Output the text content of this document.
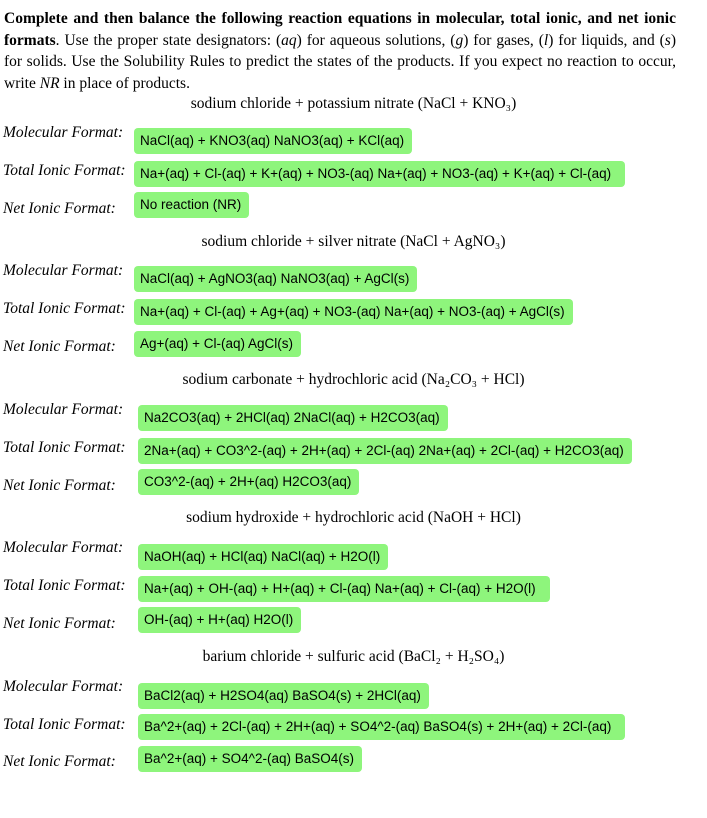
Complete and then balance the following reaction equations in molecular, total ionic, and net ionic formats. Use the proper state designators: (aq) for aqueous solutions, (g) for gases, (l) for liquids, and (s) for solids. Use the Solubility Rules to predict the states of the products. If you expect no reaction to occur, write NR in place of products.
sodium chloride + potassium nitrate (NaCl + KNO₃)
Molecular Format:	NaCl(aq) + KNO3(aq) NaNO3(aq) + KCl(aq)
Total Ionic Format:	Na+(aq) + Cl-(aq) + K+(aq) + NO3-(aq) Na+(aq) + NO3-(aq) + K+(aq) + Cl-(aq)
Net Ionic Format:	No reaction (NR)
sodium chloride + silver nitrate (NaCl + AgNO₃)
Molecular Format:	NaCl(aq) + AgNO3(aq) NaNO3(aq) + AgCl(s)
Total Ionic Format:	Na+(aq) + Cl-(aq) + Ag+(aq) + NO3-(aq) Na+(aq) + NO3-(aq) + AgCl(s)
Net Ionic Format:	Ag+(aq) + Cl-(aq) AgCl(s)
sodium carbonate + hydrochloric acid (Na₂CO₃ + HCl)
Molecular Format:	Na2CO3(aq) + 2HCl(aq) 2NaCl(aq) + H2CO3(aq)
Total Ionic Format:	2Na+(aq) + CO3^2-(aq) + 2H+(aq) + 2Cl-(aq) 2Na+(aq) + 2Cl-(aq) + H2CO3(aq)
Net Ionic Format:	CO3^2-(aq) + 2H+(aq) H2CO3(aq)
sodium hydroxide + hydrochloric acid (NaOH + HCl)
Molecular Format:
NaOH(aq) + HCl(aq) NaCl(aq) + H2O(l)
Total Ionic Format:	Na+(aq) + OH-(aq) + H+(aq) + Cl-(aq) Na+(aq) + Cl-(aq) + H2O(l)
Net Ionic Format:	OH-(aq) + H+(aq) H2O(l)
barium chloride + sulfuric acid (BaCl₂ + H₂SO₄)
Molecular Format:
BaCl2(aq) + H2SO4(aq) BaSO4(s) + 2HCl(aq)
Total Ionic Format:	Ba^2+(aq) + 2Cl-(aq) + 2H+(aq) + SO4^2-(aq) BaSO4(s) + 2H+(aq) + 2Cl-(aq)
Net Ionic Format:	Ba^2+(aq) + SO4^2-(aq) BaSO4(s)
